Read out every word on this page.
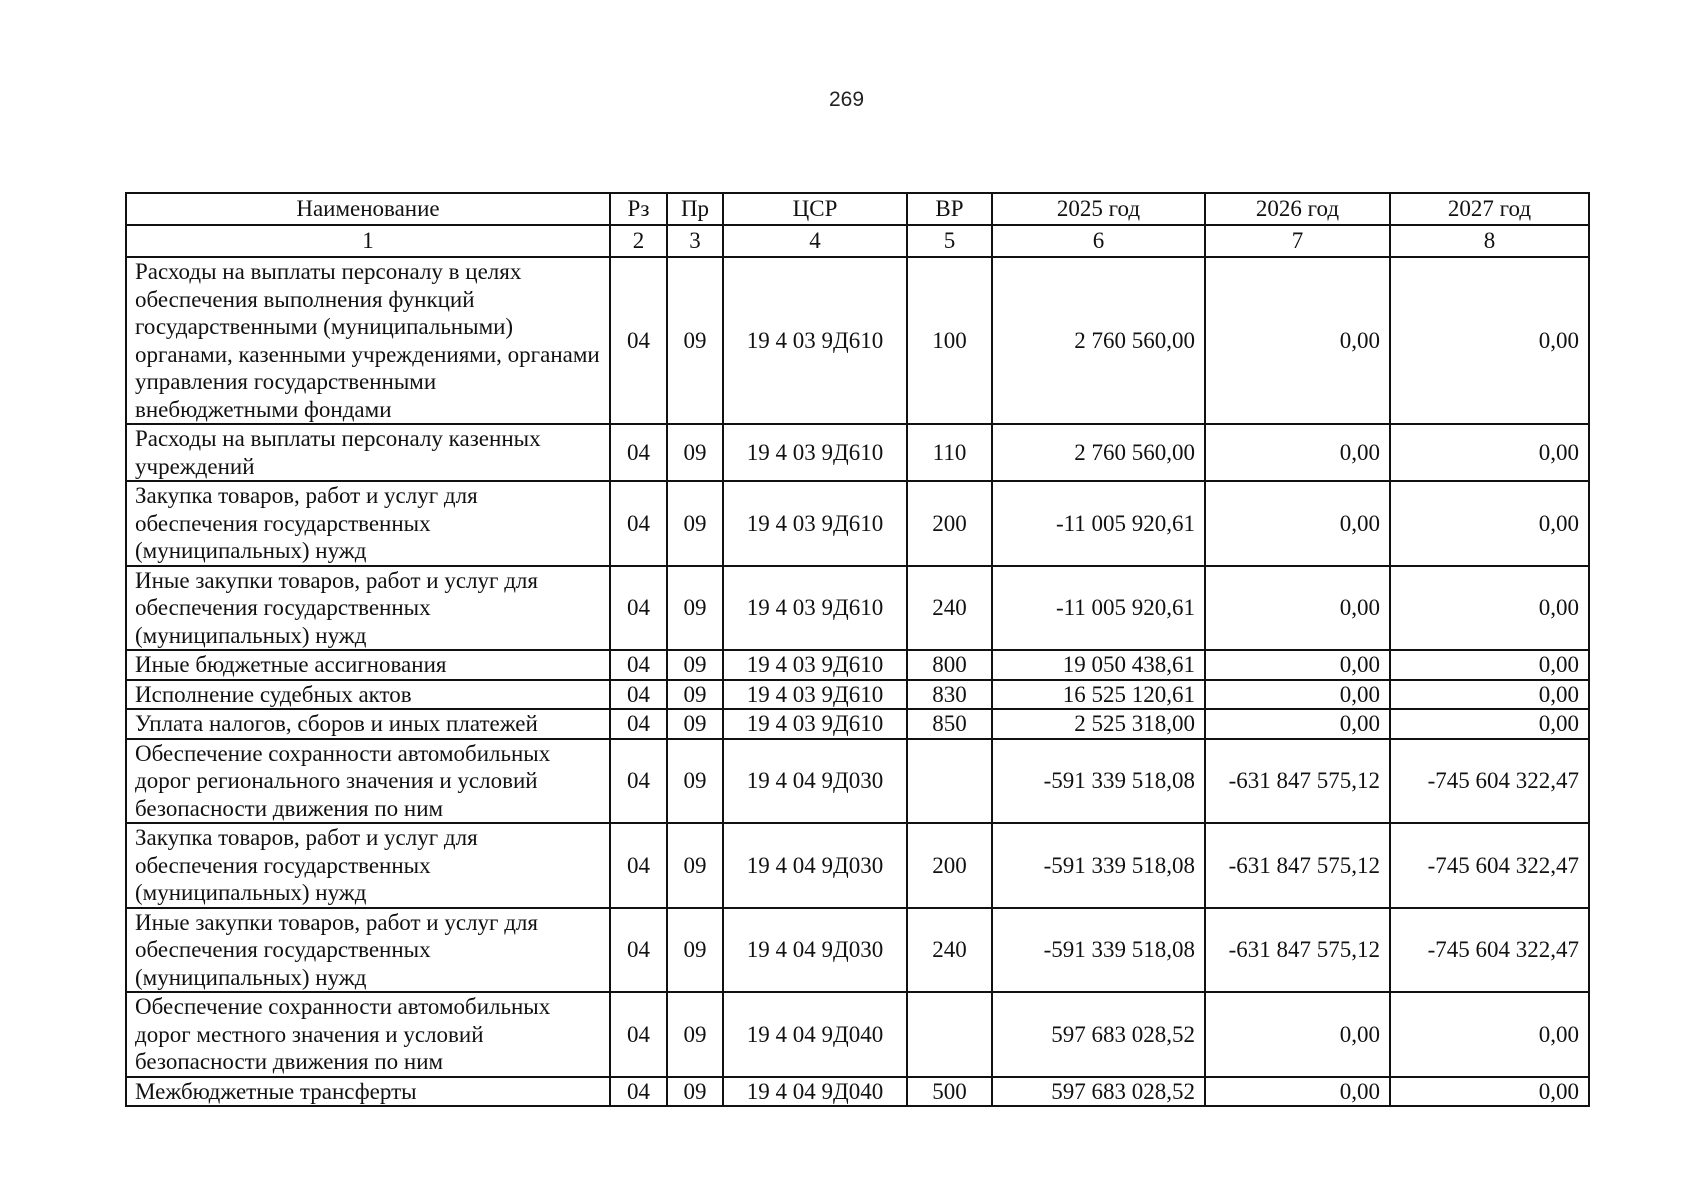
269
Наименование	Рз	Пр	ЦСР	ВР	2025 год	2026 год	2027 год
1	2	3	4	5	6	7	8
Расходы на выплаты персоналу в целях обеспечения выполнения функций государственными (муниципальными) органами, казенными учреждениями, органами управления государственными внебюджетными фондами	04	09	19 4 03 9Д610	100	2 760 560,00	0,00	0,00
Расходы на выплаты персоналу казенных учреждений	04	09	19 4 03 9Д610	110	2 760 560,00	0,00	0,00
Закупка товаров, работ и услуг для обеспечения государственных (муниципальных) нужд	04	09	19 4 03 9Д610	200	-11 005 920,61	0,00	0,00
Иные закупки товаров, работ и услуг для обеспечения государственных (муниципальных) нужд	04	09	19 4 03 9Д610	240	-11 005 920,61	0,00	0,00
Иные бюджетные ассигнования	04	09	19 4 03 9Д610	800	19 050 438,61	0,00	0,00
Исполнение судебных актов	04	09	19 4 03 9Д610	830	16 525 120,61	0,00	0,00
Уплата налогов, сборов и иных платежей	04	09	19 4 03 9Д610	850	2 525 318,00	0,00	0,00
Обеспечение сохранности автомобильных дорог регионального значения и условий безопасности движения по ним	04	09	19 4 04 9Д030		-591 339 518,08	-631 847 575,12	-745 604 322,47
Закупка товаров, работ и услуг для обеспечения государственных (муниципальных) нужд	04	09	19 4 04 9Д030	200	-591 339 518,08	-631 847 575,12	-745 604 322,47
Иные закупки товаров, работ и услуг для обеспечения государственных (муниципальных) нужд	04	09	19 4 04 9Д030	240	-591 339 518,08	-631 847 575,12	-745 604 322,47
Обеспечение сохранности автомобильных дорог местного значения и условий безопасности движения по ним	04	09	19 4 04 9Д040		597 683 028,52	0,00	0,00
Межбюджетные трансферты	04	09	19 4 04 9Д040	500	597 683 028,52	0,00	0,00
